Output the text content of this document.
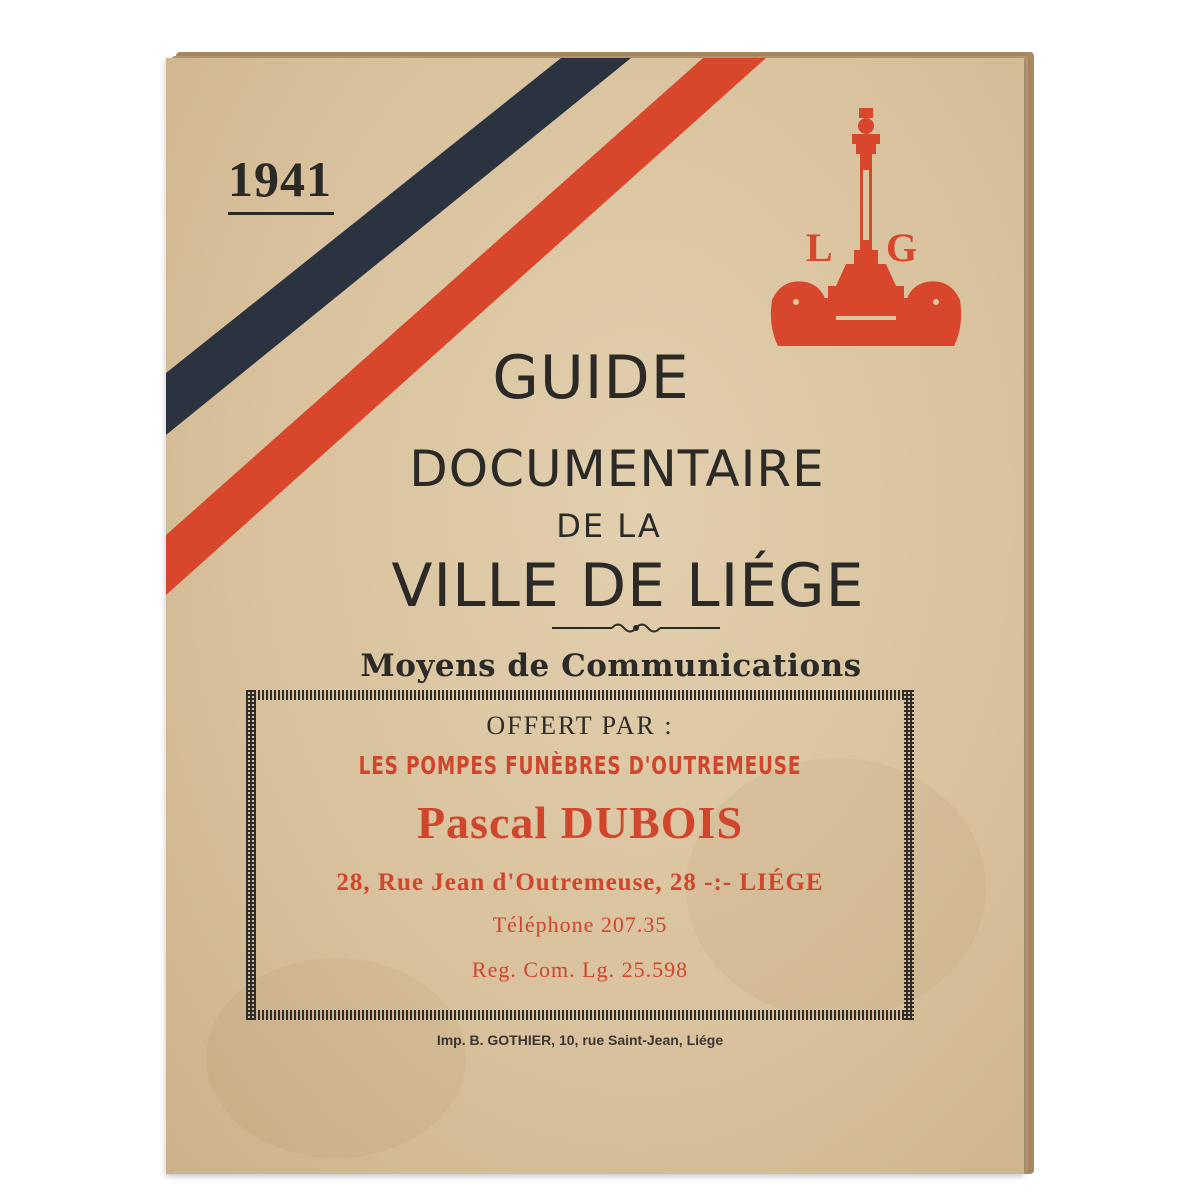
1941
L G
GUIDE
DOCUMENTAIRE
DE LA
VILLE DE LIÉGE
Moyens de Communications
OFFERT PAR :
LES POMPES FUNÈBRES D'OUTREMEUSE
Pascal DUBOIS
28, Rue Jean d'Outremeuse, 28 -:- LIÉGE
Téléphone 207.35
Reg. Com. Lg. 25.598
Imp. B. GOTHIER, 10, rue Saint-Jean, Liége
